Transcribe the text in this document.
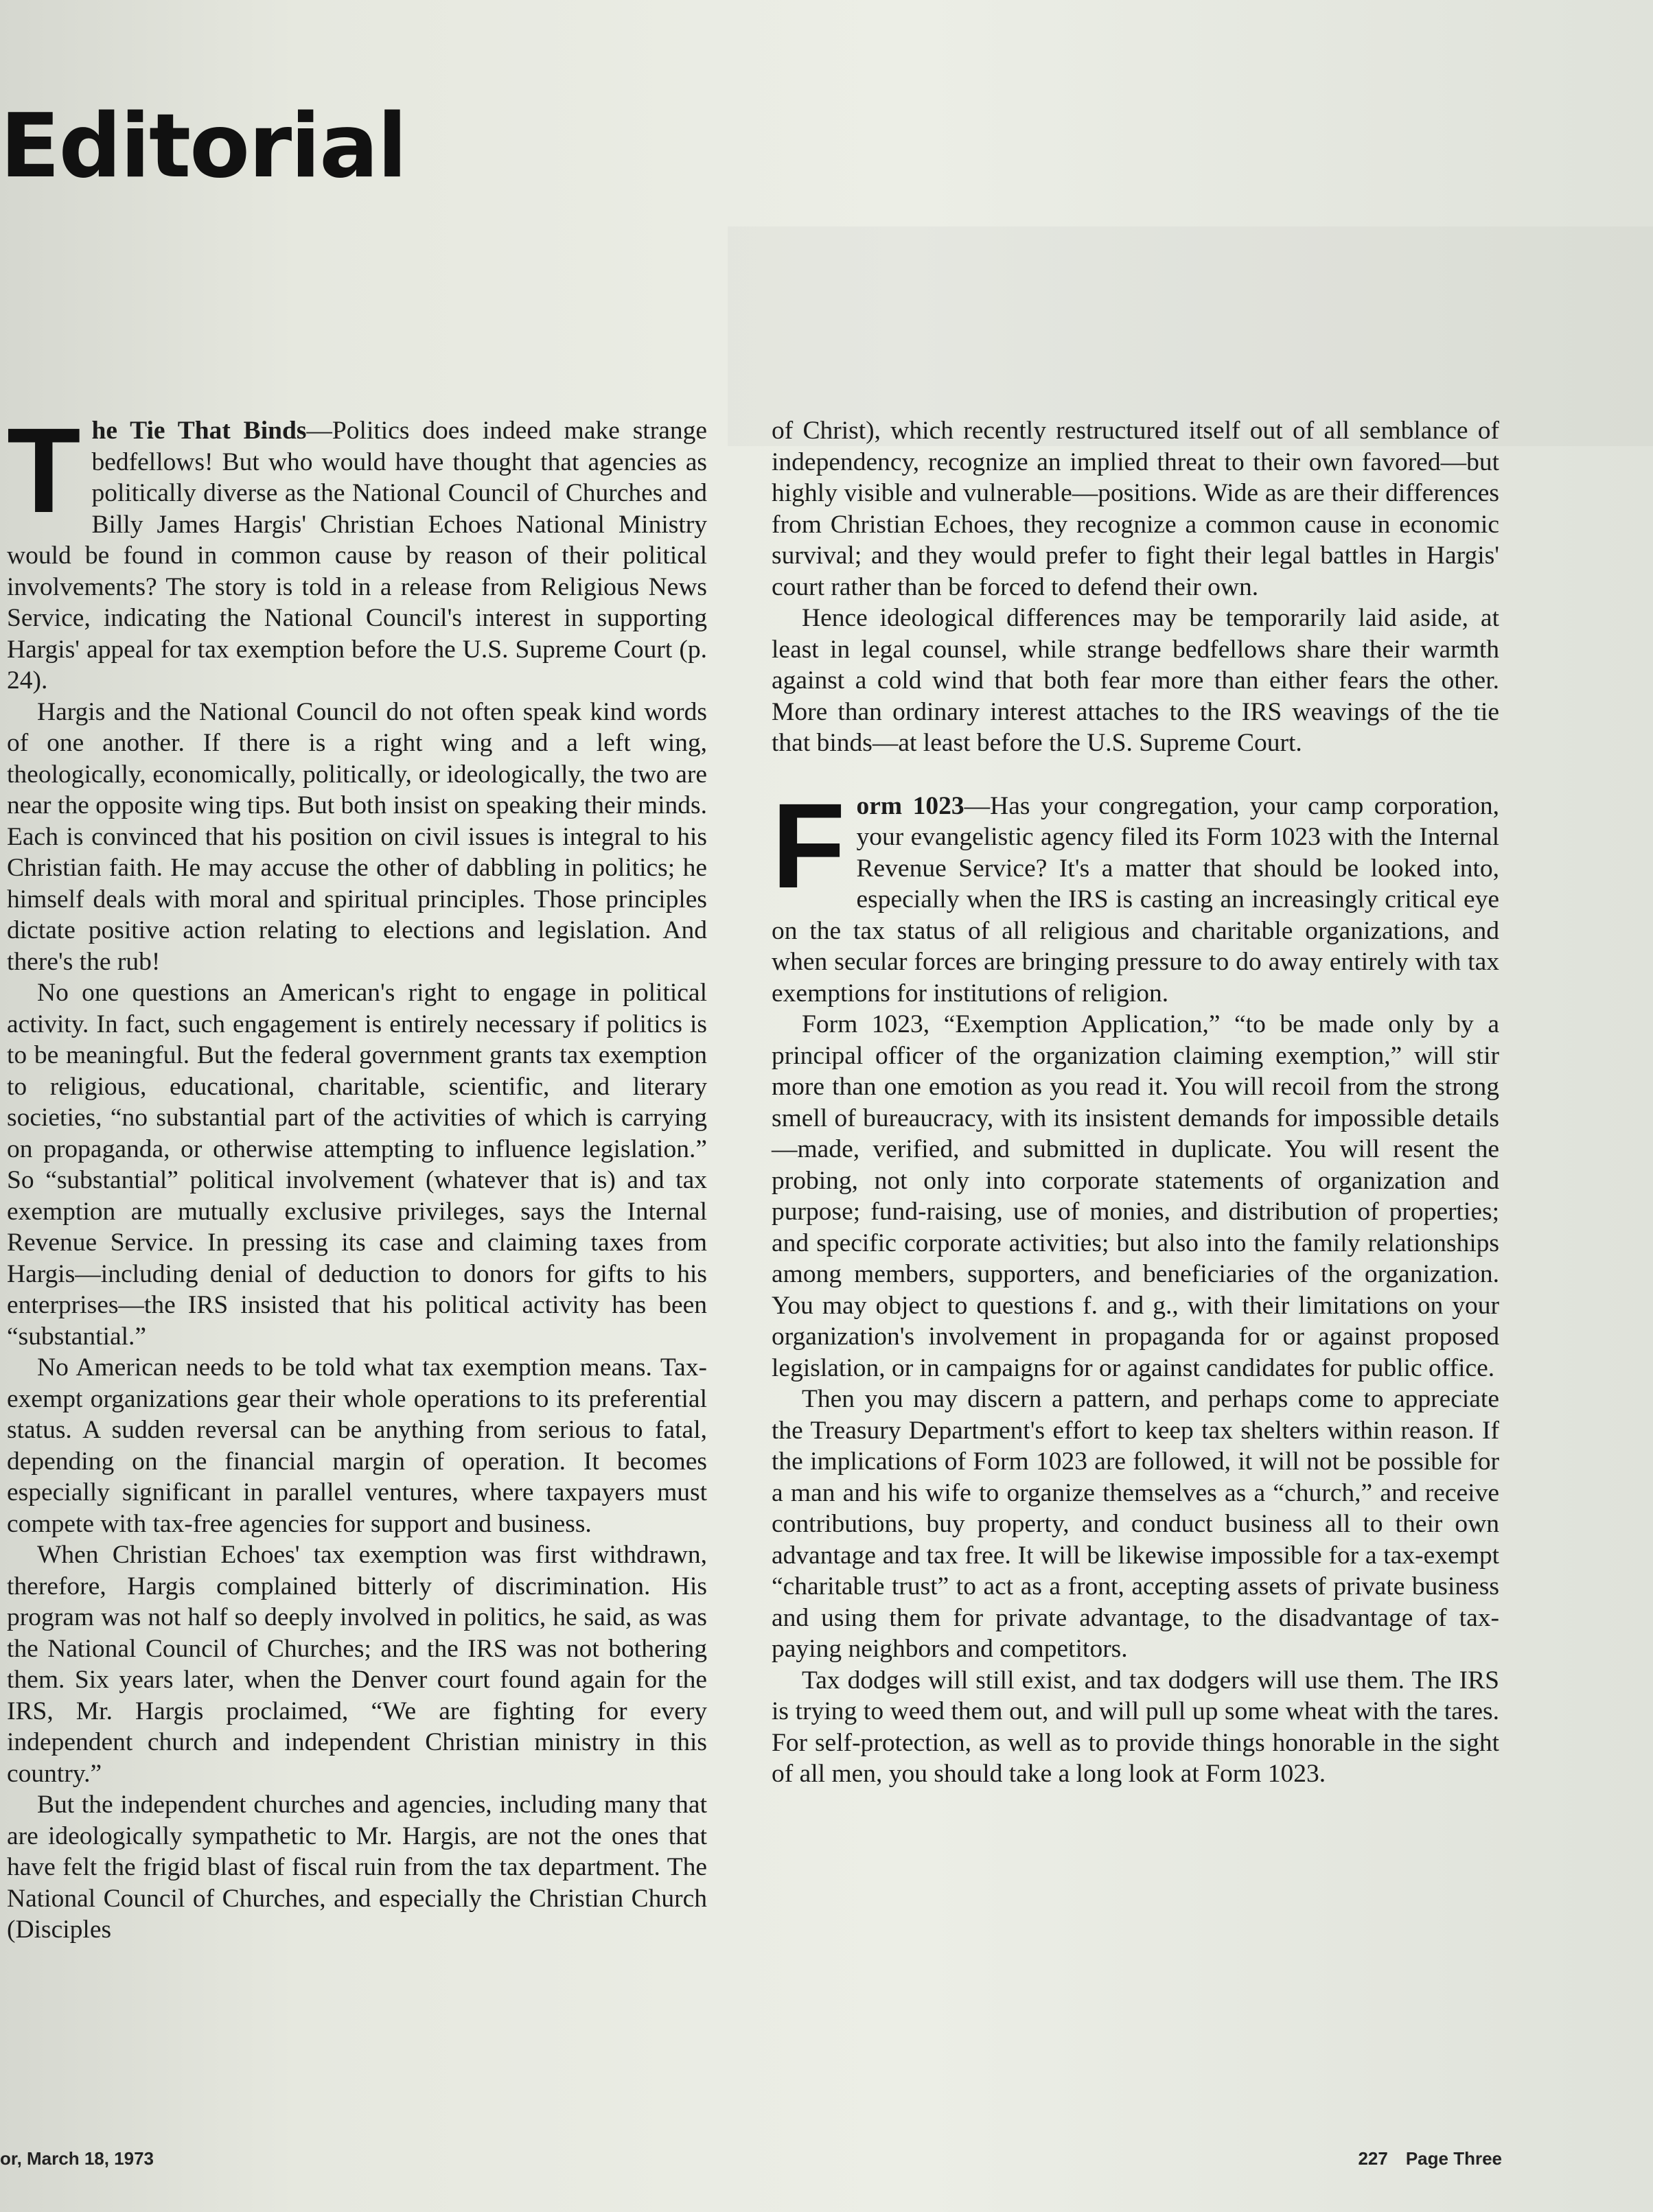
Editorial

The Tie That Binds—Politics does indeed make strange bedfellows! But who would have thought that agencies as politically diverse as the National Council of Churches and Billy James Hargis' Christian Echoes National Ministry would be found in common cause by reason of their political involvements? The story is told in a release from Religious News Service, indicating the National Council's interest in supporting Hargis' appeal for tax exemption before the U.S. Supreme Court (p. 24).

Hargis and the National Council do not often speak kind words of one another. If there is a right wing and a left wing, theologically, economically, politically, or ideologically, the two are near the opposite wing tips. But both insist on speaking their minds. Each is convinced that his position on civil issues is integral to his Christian faith. He may accuse the other of dabbling in politics; he himself deals with moral and spiritual principles. Those principles dictate positive action relating to elections and legislation. And there's the rub!

No one questions an American's right to engage in political activity. In fact, such engagement is entirely necessary if politics is to be meaningful. But the federal government grants tax exemption to religious, educational, charitable, scientific, and literary societies, “no substantial part of the activities of which is carrying on propaganda, or otherwise attempting to influence legislation.” So “substantial” political involvement (whatever that is) and tax exemption are mutually exclusive privileges, says the Internal Revenue Service. In pressing its case and claiming taxes from Hargis—including denial of deduction to donors for gifts to his enterprises—the IRS insisted that his political activity has been “substantial.”

No American needs to be told what tax exemption means. Tax-exempt organizations gear their whole operations to its preferential status. A sudden reversal can be anything from serious to fatal, depending on the financial margin of operation. It becomes especially significant in parallel ventures, where taxpayers must compete with tax-free agencies for support and business.

When Christian Echoes' tax exemption was first withdrawn, therefore, Hargis complained bitterly of discrimination. His program was not half so deeply involved in politics, he said, as was the National Council of Churches; and the IRS was not bothering them. Six years later, when the Denver court found again for the IRS, Mr. Hargis proclaimed, “We are fighting for every independent church and independent Christian ministry in this country.”

But the independent churches and agencies, including many that are ideologically sympathetic to Mr. Hargis, are not the ones that have felt the frigid blast of fiscal ruin from the tax department. The National Council of Churches, and especially the Christian Church (Disciples

of Christ), which recently restructured itself out of all semblance of independency, recognize an implied threat to their own favored—but highly visible and vulnerable—positions. Wide as are their differences from Christian Echoes, they recognize a common cause in economic survival; and they would prefer to fight their legal battles in Hargis' court rather than be forced to defend their own.

Hence ideological differences may be temporarily laid aside, at least in legal counsel, while strange bedfellows share their warmth against a cold wind that both fear more than either fears the other. More than ordinary interest attaches to the IRS weavings of the tie that binds—at least before the U.S. Supreme Court.

Form 1023—Has your congregation, your camp corporation, your evangelistic agency filed its Form 1023 with the Internal Revenue Service? It's a matter that should be looked into, especially when the IRS is casting an increasingly critical eye on the tax status of all religious and charitable organizations, and when secular forces are bringing pressure to do away entirely with tax exemptions for institutions of religion.

Form 1023, “Exemption Application,” “to be made only by a principal officer of the organization claiming exemption,” will stir more than one emotion as you read it. You will recoil from the strong smell of bureaucracy, with its insistent demands for impossible details—made, verified, and submitted in duplicate. You will resent the probing, not only into corporate statements of organization and purpose; fund-raising, use of monies, and distribution of properties; and specific corporate activities; but also into the family relationships among members, supporters, and beneficiaries of the organization. You may object to questions f. and g., with their limitations on your organization's involvement in propaganda for or against proposed legislation, or in campaigns for or against candidates for public office.

Then you may discern a pattern, and perhaps come to appreciate the Treasury Department's effort to keep tax shelters within reason. If the implications of Form 1023 are followed, it will not be possible for a man and his wife to organize themselves as a “church,” and receive contributions, buy property, and conduct business all to their own advantage and tax free. It will be likewise impossible for a tax-exempt “charitable trust” to act as a front, accepting assets of private business and using them for private advantage, to the disadvantage of tax-paying neighbors and competitors.

Tax dodges will still exist, and tax dodgers will use them. The IRS is trying to weed them out, and will pull up some wheat with the tares. For self-protection, as well as to provide things honorable in the sight of all men, you should take a long look at Form 1023.

or, March 18, 1973	227 Page Three
